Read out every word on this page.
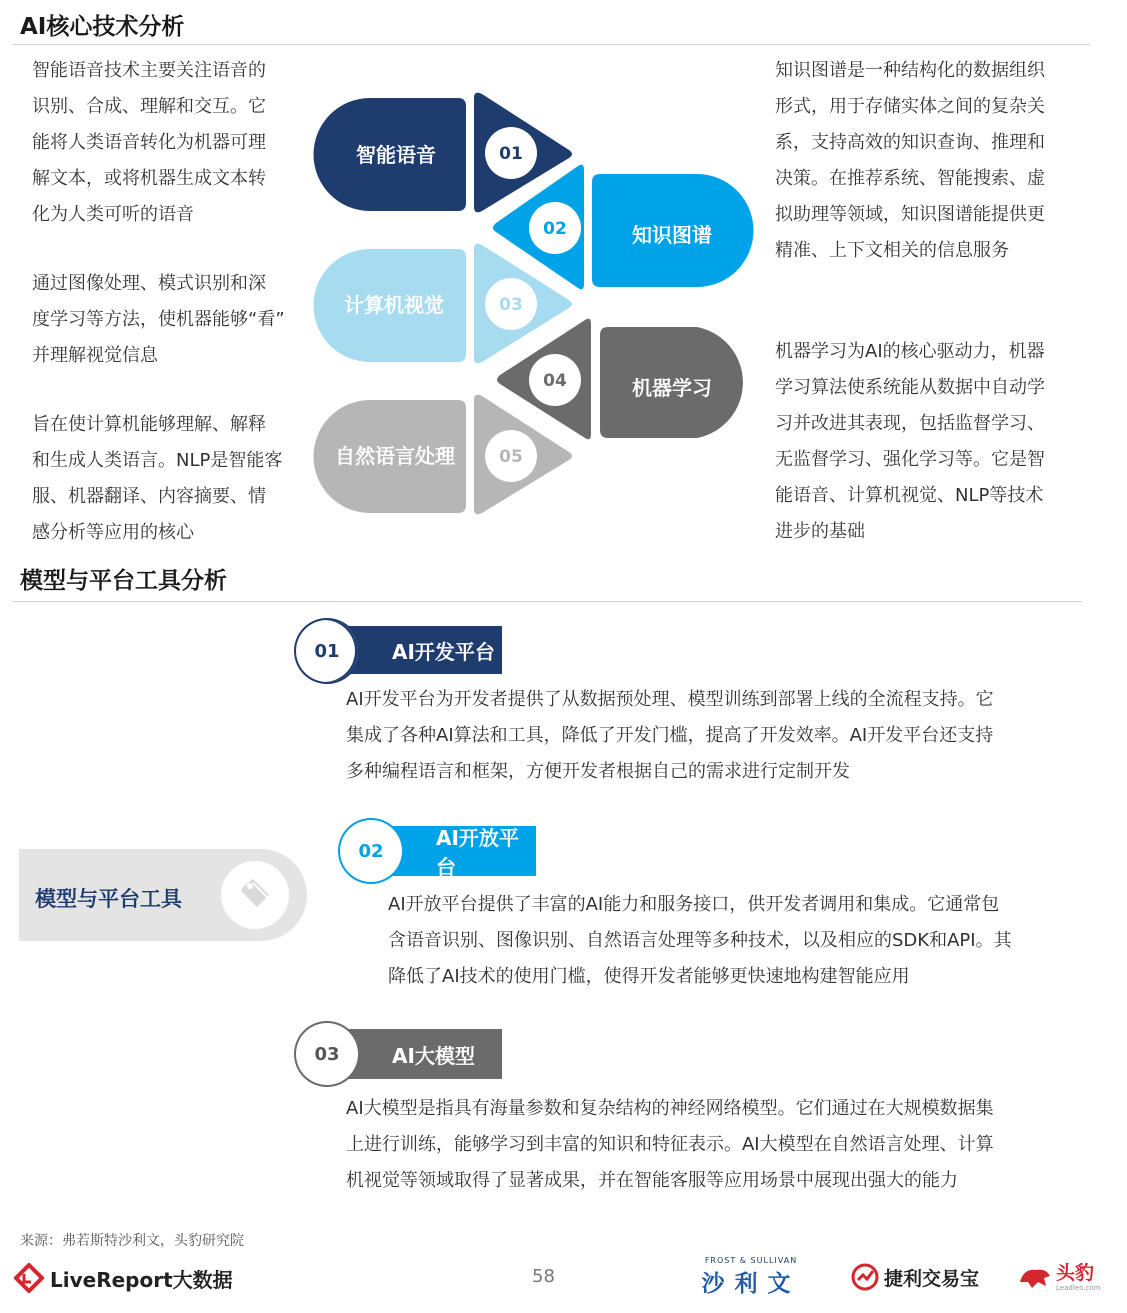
AI核心技术分析

智能语音技术主要关注语音的

识别、合成、理解和交互。它

能将人类语音转化为机器可理

解文本，或将机器生成文本转

化为人类可听的语音

通过图像处理、模式识别和深

度学习等方法，使机器能够“看”

并理解视觉信息

旨在使计算机能够理解、解释

和生成人类语言。NLP是智能客

服、机器翻译、内容摘要、情

感分析等应用的核心

知识图谱是一种结构化的数据组织

形式，用于存储实体之间的复杂关

系，支持高效的知识查询、推理和

决策。在推荐系统、智能搜索、虚

拟助理等领域，知识图谱能提供更

精准、上下文相关的信息服务

机器学习为AI的核心驱动力，机器

学习算法使系统能从数据中自动学

习并改进其表现，包括监督学习、

无监督学习、强化学习等。它是智

能语音、计算机视觉、NLP等技术

进步的基础

01
智能语音
02	知识图谱
03
计算机视觉
04	机器学习
05
自然语言处理
模型与平台工具分析
模型与平台工具
AI开发平台
01

AI开发平台为开发者提供了从数据预处理、模型训练到部署上线的全流程支持。它

集成了各种AI算法和工具，降低了开发门槛，提高了开发效率。AI开发平台还支持

多种编程语言和框架，方便开发者根据自己的需求进行定制开发

AI开放平台
02

AI开放平台提供了丰富的AI能力和服务接口，供开发者调用和集成。它通常包

含语音识别、图像识别、自然语言处理等多种技术，以及相应的SDK和API。其

降低了AI技术的使用门槛，使得开发者能够更快速地构建智能应用

AI大模型
03

AI大模型是指具有海量参数和复杂结构的神经网络模型。它们通过在大规模数据集

上进行训练，能够学习到丰富的知识和特征表示。AI大模型在自然语言处理、计算

机视觉等领域取得了显著成果，并在智能客服等应用场景中展现出强大的能力

来源：弗若斯特沙利文，头豹研究院
LiveReport大数据	58
FROST & SULLIVAN
沙利文	捷利交易宝	头豹
Leadleo.com
